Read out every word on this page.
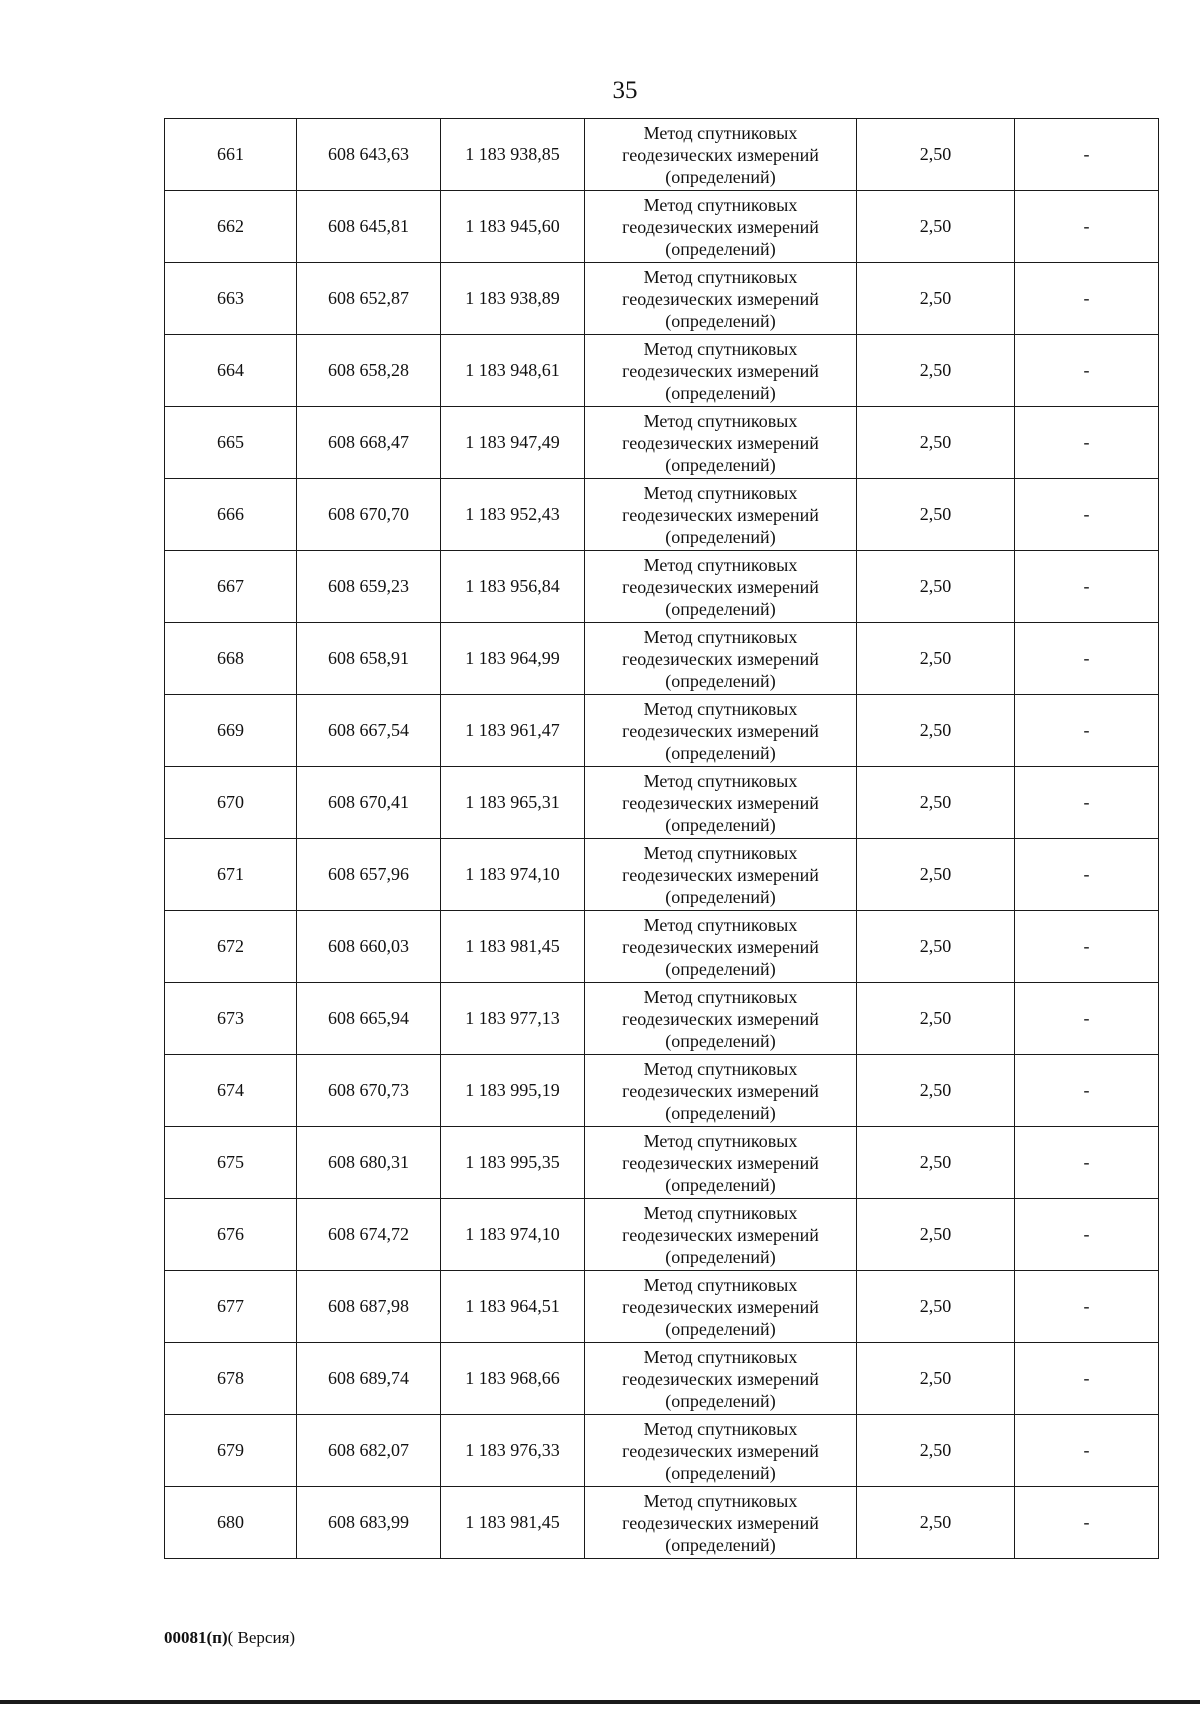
35
661	608 643,63	1 183 938,85	Метод спутниковых
геодезических измерений
(определений)	2,50	-
662	608 645,81	1 183 945,60	Метод спутниковых
геодезических измерений
(определений)	2,50	-
663	608 652,87	1 183 938,89	Метод спутниковых
геодезических измерений
(определений)	2,50	-
664	608 658,28	1 183 948,61	Метод спутниковых
геодезических измерений
(определений)	2,50	-
665	608 668,47	1 183 947,49	Метод спутниковых
геодезических измерений
(определений)	2,50	-
666	608 670,70	1 183 952,43	Метод спутниковых
геодезических измерений
(определений)	2,50	-
667	608 659,23	1 183 956,84	Метод спутниковых
геодезических измерений
(определений)	2,50	-
668	608 658,91	1 183 964,99	Метод спутниковых
геодезических измерений
(определений)	2,50	-
669	608 667,54	1 183 961,47	Метод спутниковых
геодезических измерений
(определений)	2,50	-
670	608 670,41	1 183 965,31	Метод спутниковых
геодезических измерений
(определений)	2,50	-
671	608 657,96	1 183 974,10	Метод спутниковых
геодезических измерений
(определений)	2,50	-
672	608 660,03	1 183 981,45	Метод спутниковых
геодезических измерений
(определений)	2,50	-
673	608 665,94	1 183 977,13	Метод спутниковых
геодезических измерений
(определений)	2,50	-
674	608 670,73	1 183 995,19	Метод спутниковых
геодезических измерений
(определений)	2,50	-
675	608 680,31	1 183 995,35	Метод спутниковых
геодезических измерений
(определений)	2,50	-
676	608 674,72	1 183 974,10	Метод спутниковых
геодезических измерений
(определений)	2,50	-
677	608 687,98	1 183 964,51	Метод спутниковых
геодезических измерений
(определений)	2,50	-
678	608 689,74	1 183 968,66	Метод спутниковых
геодезических измерений
(определений)	2,50	-
679	608 682,07	1 183 976,33	Метод спутниковых
геодезических измерений
(определений)	2,50	-
680	608 683,99	1 183 981,45	Метод спутниковых
геодезических измерений
(определений)	2,50	-
00081(п)( Версия)
